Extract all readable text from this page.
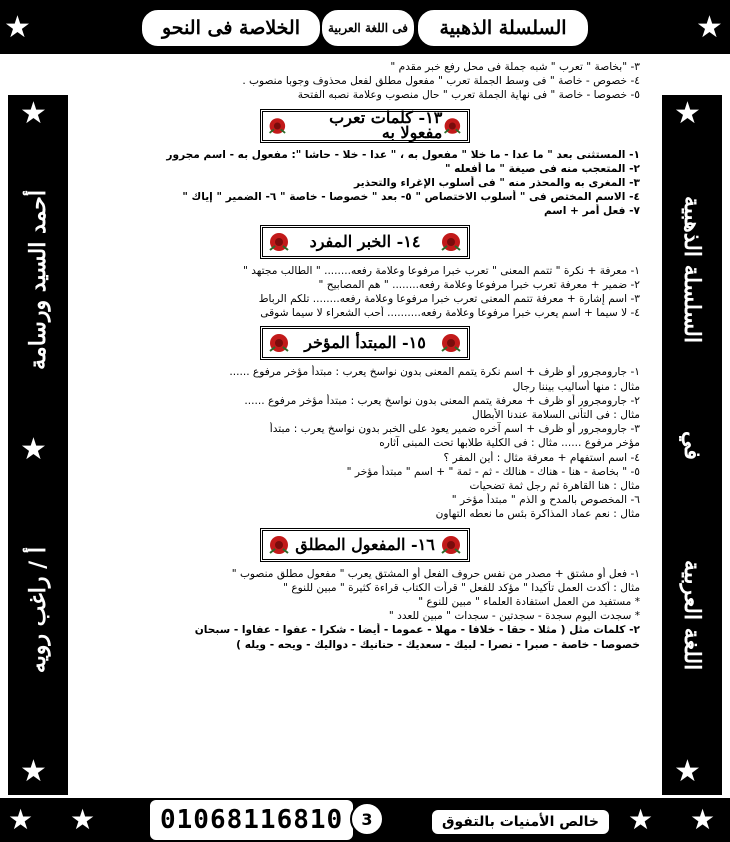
★	الخلاصة فى النحو	فى اللغة العربية	السلسلة الذهبية	★
★
أحمد السيد ورسامة
★
أ / راغب رويه
★
★
السلسلة الذهبية
في
اللغة العربية
★

٣- "بخاصة " تعرب " شبه جملة فى محل رفع خبر مقدم "

٤- خصوص - خاصة " فى وسط الجملة تعرب " مفعول مطلق لفعل محذوف وجوبا منصوب .

٥- خصوصا - خاصة " فى نهاية الجملة تعرب " حال منصوب وعلامة نصبه الفتحة

١٣- كلمات تعرب مفعولا به

١- المستثنى بعد " ما عدا - ما خلا " مفعول به ، " عدا - خلا - حاشا ": مفعول به - اسم مجرور

٢- المتعجب منه فى صيغة " ما أفعله "

٣- المغرى به والمحذر منه " فى أسلوب الإغراء والتحذير

٤- الاسم المختص فى " أسلوب الاختصاص " ٥- بعد " خصوصا - خاصة " ٦- الضمير " إياك "

٧- فعل أمر + اسم

١٤- الخبر المفرد

١- معرفة + نكرة " تتمم المعنى " تعرب خبرا مرفوعا وعلامة رفعه........ " الطالب مجتهد "

٢- ضمير + معرفة تعرب خبرا مرفوعا وعلامة رفعه........ " هم المصابيح "

٣- اسم إشارة + معرفة تتمم المعنى تعرب خبرا مرفوعا وعلامة رفعه........ تلكم الرباط

٤- لا سيما + اسم يعرب خبرا مرفوعا وعلامة رفعه.......... أحب الشعراء لا سيما شوقى

١٥- المبتدأ المؤخر

١- جارومجرور أو ظرف + اسم نكرة يتمم المعنى بدون نواسخ يعرب : مبتدأ مؤخر مرفوع ......

مثال : منها أساليب بيننا رجال

٢- جارومجرور أو ظرف + معرفة يتمم المعنى بدون نواسخ يعرب : مبتدأ مؤخر مرفوع ......

مثال : فى التأنى السلامة عندنا الأبطال

٣- جارومجرور أو ظرف + اسم آخره ضمير يعود على الخبر بدون نواسخ يعرب : مبتدأ

مؤخر مرفوع ...... مثال : فى الكلية طلابها تحت المبنى آثاره

٤- اسم استفهام + معرفة مثال : أين المفر ؟

٥- " بخاصة - هنا - هناك - هنالك - ثم - ثمة " + اسم " مبتدأ مؤخر "

مثال : هنا القاهرة ثم رجل ثمة تضحيات

٦- المخصوص بالمدح و الذم " مبتدأ مؤخر "

مثال : نعم عماد المذاكرة بئس ما نعطه التهاون

١٦- المفعول المطلق

١- فعل أو مشتق + مصدر من نفس حروف الفعل أو المشتق يعرب " مفعول مطلق منصوب "

مثال : أكدت العمل تأكيدا " مؤكد للفعل " قرأت الكتاب قراءة كثيرة " مبين للنوع "

* مستفيد من العمل استفادة العلماء " مبين للنوع "

* سجدت اليوم سجدة - سجدتين - سجدات " مبين للعدد "

٢- كلمات مثل ( مثلا - حقا - خلافا - مهلا - عموما - أيضا - شكرا - عفوا - عفاوا - سبحان

خصوصا - خاصة - صبرا - نصرا - لبيك - سعديك - حنانيك - دواليك - ويحه - ويله )

★ ★	01068116810	3	خالص الأمنيات بالتفوق	★ ★
